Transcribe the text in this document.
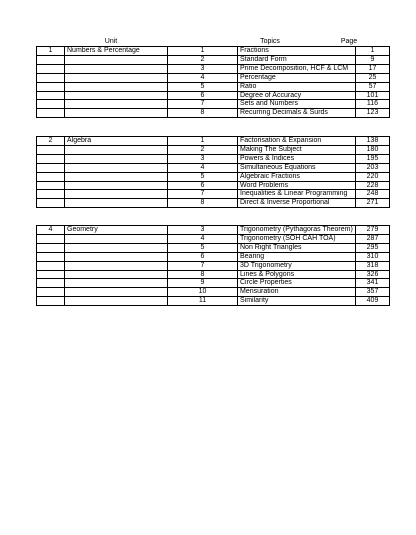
Unit	Topics	Page
1	Numbers & Percentage	1	Fractions	1
		2	Standard Form	9
		3	Prime Decomposition, HCF & LCM	17
		4	Percentage	25
		5	Ratio	57
		6	Degree of Accuracy	101
		7	Sets and Numbers	116
		8	Recurring Decimals & Surds	123
2	Algebra	1	Factorisation & Expansion	138
		2	Making The Subject	180
		3	Powers & Indices	195
		4	Simultaneous Equations	203
		5	Algebraic Fractions	220
		6	Word Problems	228
		7	Inequalities & Linear Programming	248
		8	Direct & Inverse Proportional	271
4	Geometry	3	Trigonometry (Pythagoras Theorem)	279
		4	Trigonometry (SOH CAH TOA)	287
		5	Non Right Triangles	295
		6	Bearing	310
		7	3D Trigonometry	318
		8	Lines & Polygons	326
		9	Circle Properties	341
		10	Mensuration	357
		11	Similarity	409
